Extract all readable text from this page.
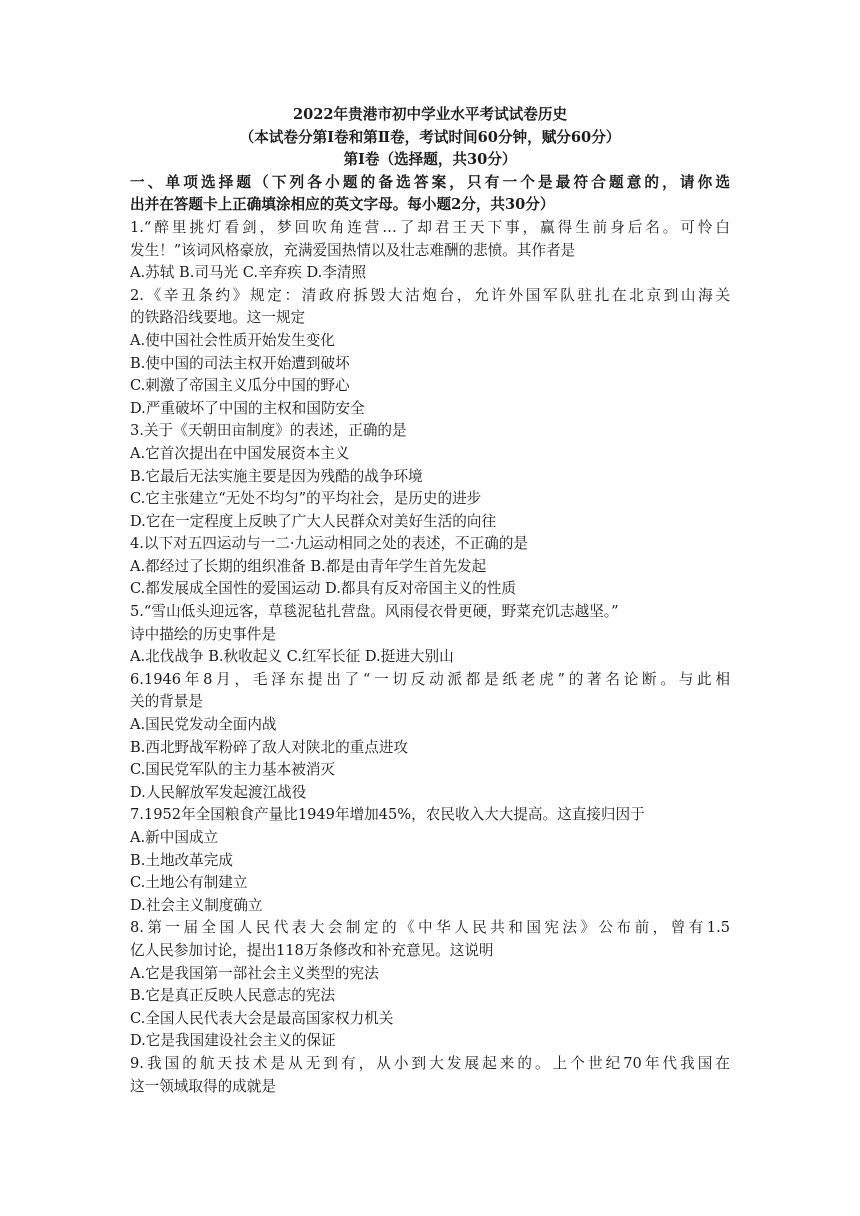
2022年贵港市初中学业水平考试试卷历史
（本试卷分第Ⅰ卷和第Ⅱ卷，考试时间60分钟，赋分60分）
第Ⅰ卷（选择题，共30分）
一、单项选择题（下列各小题的备选答案，只有一个是最符合题意的，请你选
出并在答题卡上正确填涂相应的英文字母。每小题2分，共30分）
1.“醉里挑灯看剑，梦回吹角连营…了却君王天下事，赢得生前身后名。可怜白
发生！”该词风格豪放，充满爱国热情以及壮志难酬的悲愤。其作者是
A.苏轼 B.司马光 C.辛弃疾 D.李清照
2.《辛丑条约》规定：清政府拆毁大沽炮台，允许外国军队驻扎在北京到山海关
的铁路沿线要地。这一规定
A.使中国社会性质开始发生变化
B.使中国的司法主权开始遭到破坏
C.刺激了帝国主义瓜分中国的野心
D.严重破坏了中国的主权和国防安全
3.关于《天朝田亩制度》的表述，正确的是
A.它首次提出在中国发展资本主义
B.它最后无法实施主要是因为残酷的战争环境
C.它主张建立“无处不均匀”的平均社会，是历史的进步
D.它在一定程度上反映了广大人民群众对美好生活的向往
4.以下对五四运动与一二·九运动相同之处的表述，不正确的是
A.都经过了长期的组织准备 B.都是由青年学生首先发起
C.都发展成全国性的爱国运动 D.都具有反对帝国主义的性质
5.“雪山低头迎远客，草毯泥毡扎营盘。风雨侵衣骨更硬，野菜充饥志越坚。”
诗中描绘的历史事件是
A.北伐战争 B.秋收起义 C.红军长征 D.挺进大别山
6.1946年8月，毛泽东提出了“一切反动派都是纸老虎”的著名论断。与此相
关的背景是
A.国民党发动全面内战
B.西北野战军粉碎了敌人对陕北的重点进攻
C.国民党军队的主力基本被消灭
D.人民解放军发起渡江战役
7.1952年全国粮食产量比1949年增加45%，农民收入大大提高。这直接归因于
A.新中国成立
B.土地改革完成
C.土地公有制建立
D.社会主义制度确立
8.第一届全国人民代表大会制定的《中华人民共和国宪法》公布前，曾有1.5
亿人民参加讨论，提出118万条修改和补充意见。这说明
A.它是我国第一部社会主义类型的宪法
B.它是真正反映人民意志的宪法
C.全国人民代表大会是最高国家权力机关
D.它是我国建设社会主义的保证
9.我国的航天技术是从无到有，从小到大发展起来的。上个世纪70年代我国在
这一领域取得的成就是
